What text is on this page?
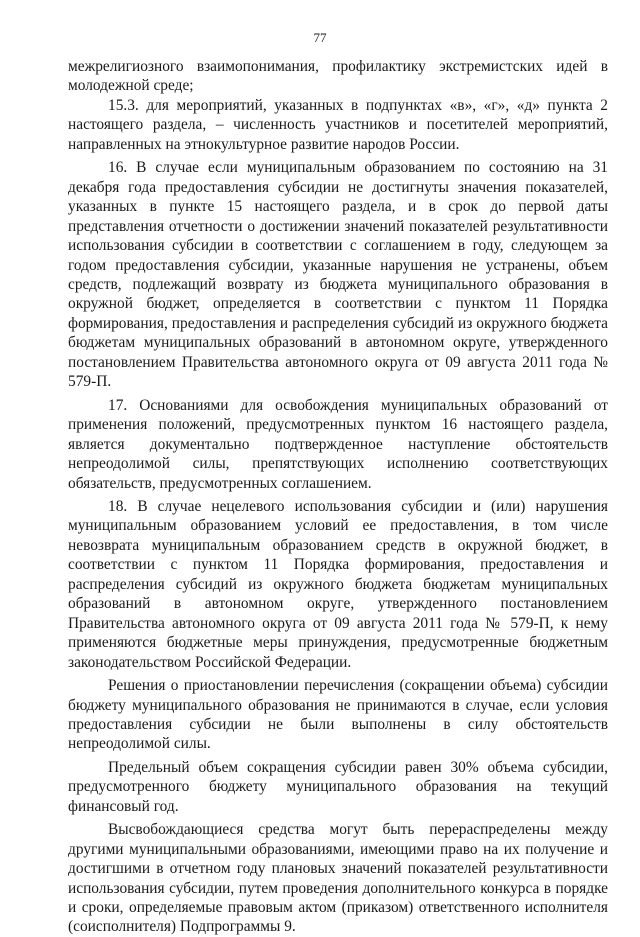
77

межрелигиозного взаимопонимания, профилактику экстремистских идей в молодежной среде;

15.3. для мероприятий, указанных в подпунктах «в», «г», «д» пункта 2 настоящего раздела, – численность участников и посетителей мероприятий, направленных на этнокультурное развитие народов России.

16. В случае если муниципальным образованием по состоянию на 31 декабря года предоставления субсидии не достигнуты значения показателей, указанных в пункте 15 настоящего раздела, и в срок до первой даты представления отчетности о достижении значений показателей результативности использования субсидии в соответствии с соглашением в году, следующем за годом предоставления субсидии, указанные нарушения не устранены, объем средств, подлежащий возврату из бюджета муниципального образования в окружной бюджет, определяется в соответствии с пунктом 11 Порядка формирования, предоставления и распределения субсидий из окружного бюджета бюджетам муниципальных образований в автономном округе, утвержденного постановлением Правительства автономного округа от 09 августа 2011 года № 579-П.

17. Основаниями для освобождения муниципальных образований от применения положений, предусмотренных пунктом 16 настоящего раздела, является документально подтвержденное наступление обстоятельств непреодолимой силы, препятствующих исполнению соответствующих обязательств, предусмотренных соглашением.

18. В случае нецелевого использования субсидии и (или) нарушения муниципальным образованием условий ее предоставления, в том числе невозврата муниципальным образованием средств в окружной бюджет, в соответствии с пунктом 11 Порядка формирования, предоставления и распределения субсидий из окружного бюджета бюджетам муниципальных образований в автономном округе, утвержденного постановлением Правительства автономного округа от 09 августа 2011 года № 579-П, к нему применяются бюджетные меры принуждения, предусмотренные бюджетным законодательством Российской Федерации.

Решения о приостановлении перечисления (сокращении объема) субсидии бюджету муниципального образования не принимаются в случае, если условия предоставления субсидии не были выполнены в силу обстоятельств непреодолимой силы.

Предельный объем сокращения субсидии равен 30% объема субсидии, предусмотренного бюджету муниципального образования на текущий финансовый год.

Высвобождающиеся средства могут быть перераспределены между другими муниципальными образованиями, имеющими право на их получение и достигшими в отчетном году плановых значений показателей результативности использования субсидии, путем проведения дополнительного конкурса в порядке и сроки, определяемые правовым актом (приказом) ответственного исполнителя (соисполнителя) Подпрограммы 9.
